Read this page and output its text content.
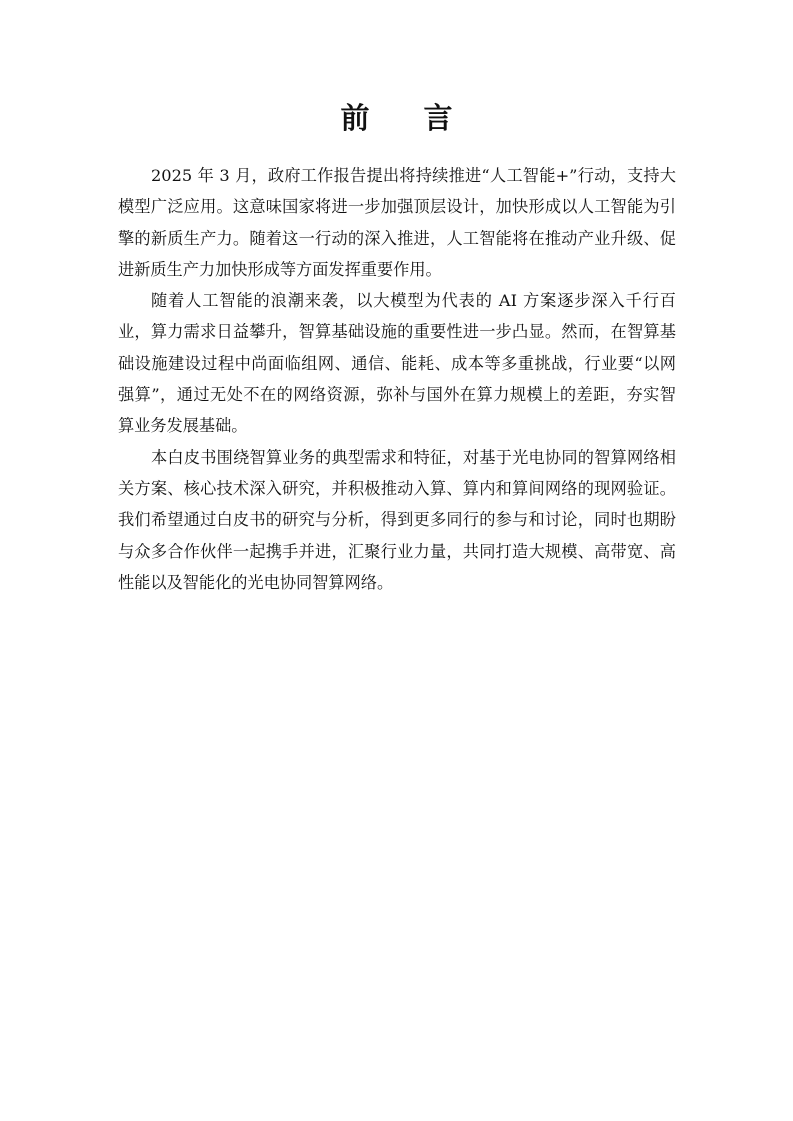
前 言

2025 年 3 月，政府工作报告提出将持续推进“人工智能+”行动，支持大模型广泛应用。这意味国家将进一步加强顶层设计，加快形成以人工智能为引擎的新质生产力。随着这一行动的深入推进，人工智能将在推动产业升级、促进新质生产力加快形成等方面发挥重要作用。

随着人工智能的浪潮来袭，以大模型为代表的 AI 方案逐步深入千行百业，算力需求日益攀升，智算基础设施的重要性进一步凸显。然而，在智算基础设施建设过程中尚面临组网、通信、能耗、成本等多重挑战，行业要“以网强算”，通过无处不在的网络资源，弥补与国外在算力规模上的差距，夯实智算业务发展基础。

本白皮书围绕智算业务的典型需求和特征，对基于光电协同的智算网络相关方案、核心技术深入研究，并积极推动入算、算内和算间网络的现网验证。我们希望通过白皮书的研究与分析，得到更多同行的参与和讨论，同时也期盼与众多合作伙伴一起携手并进，汇聚行业力量，共同打造大规模、高带宽、高性能以及智能化的光电协同智算网络。
